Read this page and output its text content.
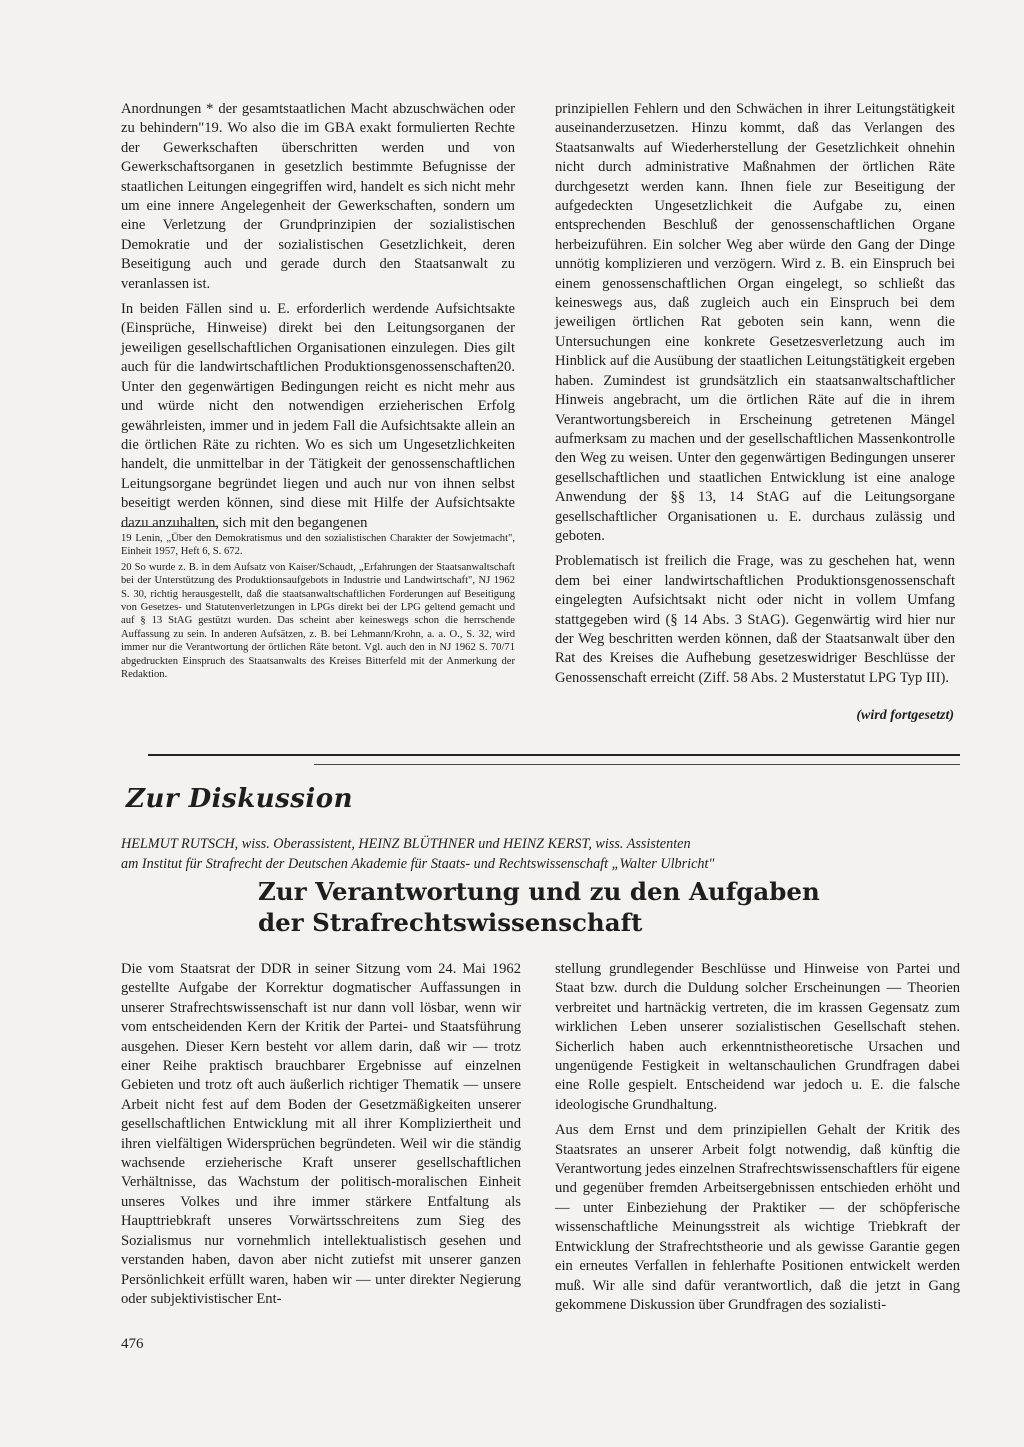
Anordnungen * der gesamtstaatlichen Macht abzuschwächen oder zu behindern"19. Wo also die im GBA exakt formulierten Rechte der Gewerkschaften überschritten werden und von Gewerkschaftsorganen in gesetzlich bestimmte Befugnisse der staatlichen Leitungen eingegriffen wird, handelt es sich nicht mehr um eine innere Angelegenheit der Gewerkschaften, sondern um eine Verletzung der Grundprinzipien der sozialistischen Demokratie und der sozialistischen Gesetzlichkeit, deren Beseitigung auch und gerade durch den Staatsanwalt zu veranlassen ist.

In beiden Fällen sind u. E. erforderlich werdende Aufsichtsakte (Einsprüche, Hinweise) direkt bei den Leitungsorganen der jeweiligen gesellschaftlichen Organisationen einzulegen. Dies gilt auch für die landwirtschaftlichen Produktionsgenossenschaften20. Unter den gegenwärtigen Bedingungen reicht es nicht mehr aus und würde nicht den notwendigen erzieherischen Erfolg gewährleisten, immer und in jedem Fall die Aufsichtsakte allein an die örtlichen Räte zu richten. Wo es sich um Ungesetzlichkeiten handelt, die unmittelbar in der Tätigkeit der genossenschaftlichen Leitungsorgane begründet liegen und auch nur von ihnen selbst beseitigt werden können, sind diese mit Hilfe der Aufsichtsakte dazu anzuhalten, sich mit den begangenen

19 Lenin, „Über den Demokratismus und den sozialistischen Charakter der Sowjetmacht", Einheit 1957, Heft 6, S. 672.

20 So wurde z. B. in dem Aufsatz von Kaiser/Schaudt, „Erfahrungen der Staatsanwaltschaft bei der Unterstützung des Produktionsaufgebots in Industrie und Landwirtschaft", NJ 1962 S. 30, richtig herausgestellt, daß die staatsanwaltschaftlichen Forderungen auf Beseitigung von Gesetzes- und Statutenverletzungen in LPGs direkt bei der LPG geltend gemacht und auf § 13 StAG gestützt wurden. Das scheint aber keineswegs schon die herrschende Auffassung zu sein. In anderen Aufsätzen, z. B. bei Lehmann/Krohn, a. a. O., S. 32, wird immer nur die Verantwortung der örtlichen Räte betont. Vgl. auch den in NJ 1962 S. 70/71 abgedruckten Einspruch des Staatsanwalts des Kreises Bitterfeld mit der Anmerkung der Redaktion.

prinzipiellen Fehlern und den Schwächen in ihrer Leitungstätigkeit auseinanderzusetzen. Hinzu kommt, daß das Verlangen des Staatsanwalts auf Wiederherstellung der Gesetzlichkeit ohnehin nicht durch administrative Maßnahmen der örtlichen Räte durchgesetzt werden kann. Ihnen fiele zur Beseitigung der aufgedeckten Ungesetzlichkeit die Aufgabe zu, einen entsprechenden Beschluß der genossenschaftlichen Organe herbeizuführen. Ein solcher Weg aber würde den Gang der Dinge unnötig komplizieren und verzögern. Wird z. B. ein Einspruch bei einem genossenschaftlichen Organ eingelegt, so schließt das keineswegs aus, daß zugleich auch ein Einspruch bei dem jeweiligen örtlichen Rat geboten sein kann, wenn die Untersuchungen eine konkrete Gesetzesverletzung auch im Hinblick auf die Ausübung der staatlichen Leitungstätigkeit ergeben haben. Zumindest ist grundsätzlich ein staatsanwaltschaftlicher Hinweis angebracht, um die örtlichen Räte auf die in ihrem Verantwortungsbereich in Erscheinung getretenen Mängel aufmerksam zu machen und der gesellschaftlichen Massenkontrolle den Weg zu weisen. Unter den gegenwärtigen Bedingungen unserer gesellschaftlichen und staatlichen Entwicklung ist eine analoge Anwendung der §§ 13, 14 StAG auf die Leitungsorgane gesellschaftlicher Organisationen u. E. durchaus zulässig und geboten.

Problematisch ist freilich die Frage, was zu geschehen hat, wenn dem bei einer landwirtschaftlichen Produktionsgenossenschaft eingelegten Aufsichtsakt nicht oder nicht in vollem Umfang stattgegeben wird (§ 14 Abs. 3 StAG). Gegenwärtig wird hier nur der Weg beschritten werden können, daß der Staatsanwalt über den Rat des Kreises die Aufhebung gesetzeswidriger Beschlüsse der Genossenschaft erreicht (Ziff. 58 Abs. 2 Musterstatut LPG Typ III).

(wird fortgesetzt)
Zur Diskussion
HELMUT RUTSCH, wiss. Oberassistent, HEINZ BLÜTHNER und HEINZ KERST, wiss. Assistenten
am Institut für Strafrecht der Deutschen Akademie für Staats- und Rechtswissenschaft „Walter Ulbricht"
Zur Verantwortung und zu den Aufgaben
der Strafrechtswissenschaft

Die vom Staatsrat der DDR in seiner Sitzung vom 24. Mai 1962 gestellte Aufgabe der Korrektur dogmatischer Auffassungen in unserer Strafrechtswissenschaft ist nur dann voll lösbar, wenn wir vom entscheidenden Kern der Kritik der Partei- und Staatsführung ausgehen. Dieser Kern besteht vor allem darin, daß wir — trotz einer Reihe praktisch brauchbarer Ergebnisse auf einzelnen Gebieten und trotz oft auch äußerlich richtiger Thematik — unsere Arbeit nicht fest auf dem Boden der Gesetzmäßigkeiten unserer gesellschaftlichen Entwicklung mit all ihrer Kompliziertheit und ihren vielfältigen Widersprüchen begründeten. Weil wir die ständig wachsende erzieherische Kraft unserer gesellschaftlichen Verhältnisse, das Wachstum der politisch-moralischen Einheit unseres Volkes und ihre immer stärkere Entfaltung als Haupttriebkraft unseres Vorwärtsschreitens zum Sieg des Sozialismus nur vornehmlich intellektualistisch gesehen und verstanden haben, davon aber nicht zutiefst mit unserer ganzen Persönlichkeit erfüllt waren, haben wir — unter direkter Negierung oder subjektivistischer Ent-

stellung grundlegender Beschlüsse und Hinweise von Partei und Staat bzw. durch die Duldung solcher Erscheinungen — Theorien verbreitet und hartnäckig vertreten, die im krassen Gegensatz zum wirklichen Leben unserer sozialistischen Gesellschaft stehen. Sicherlich haben auch erkenntnistheoretische Ursachen und ungenügende Festigkeit in weltanschaulichen Grundfragen dabei eine Rolle gespielt. Entscheidend war jedoch u. E. die falsche ideologische Grundhaltung.

Aus dem Ernst und dem prinzipiellen Gehalt der Kritik des Staatsrates an unserer Arbeit folgt notwendig, daß künftig die Verantwortung jedes einzelnen Strafrechtswissenschaftlers für eigene und gegenüber fremden Arbeitsergebnissen entschieden erhöht und — unter Einbeziehung der Praktiker — der schöpferische wissenschaftliche Meinungsstreit als wichtige Triebkraft der Entwicklung der Strafrechtstheorie und als gewisse Garantie gegen ein erneutes Verfallen in fehlerhafte Positionen entwickelt werden muß. Wir alle sind dafür verantwortlich, daß die jetzt in Gang gekommene Diskussion über Grundfragen des sozialisti-

476
